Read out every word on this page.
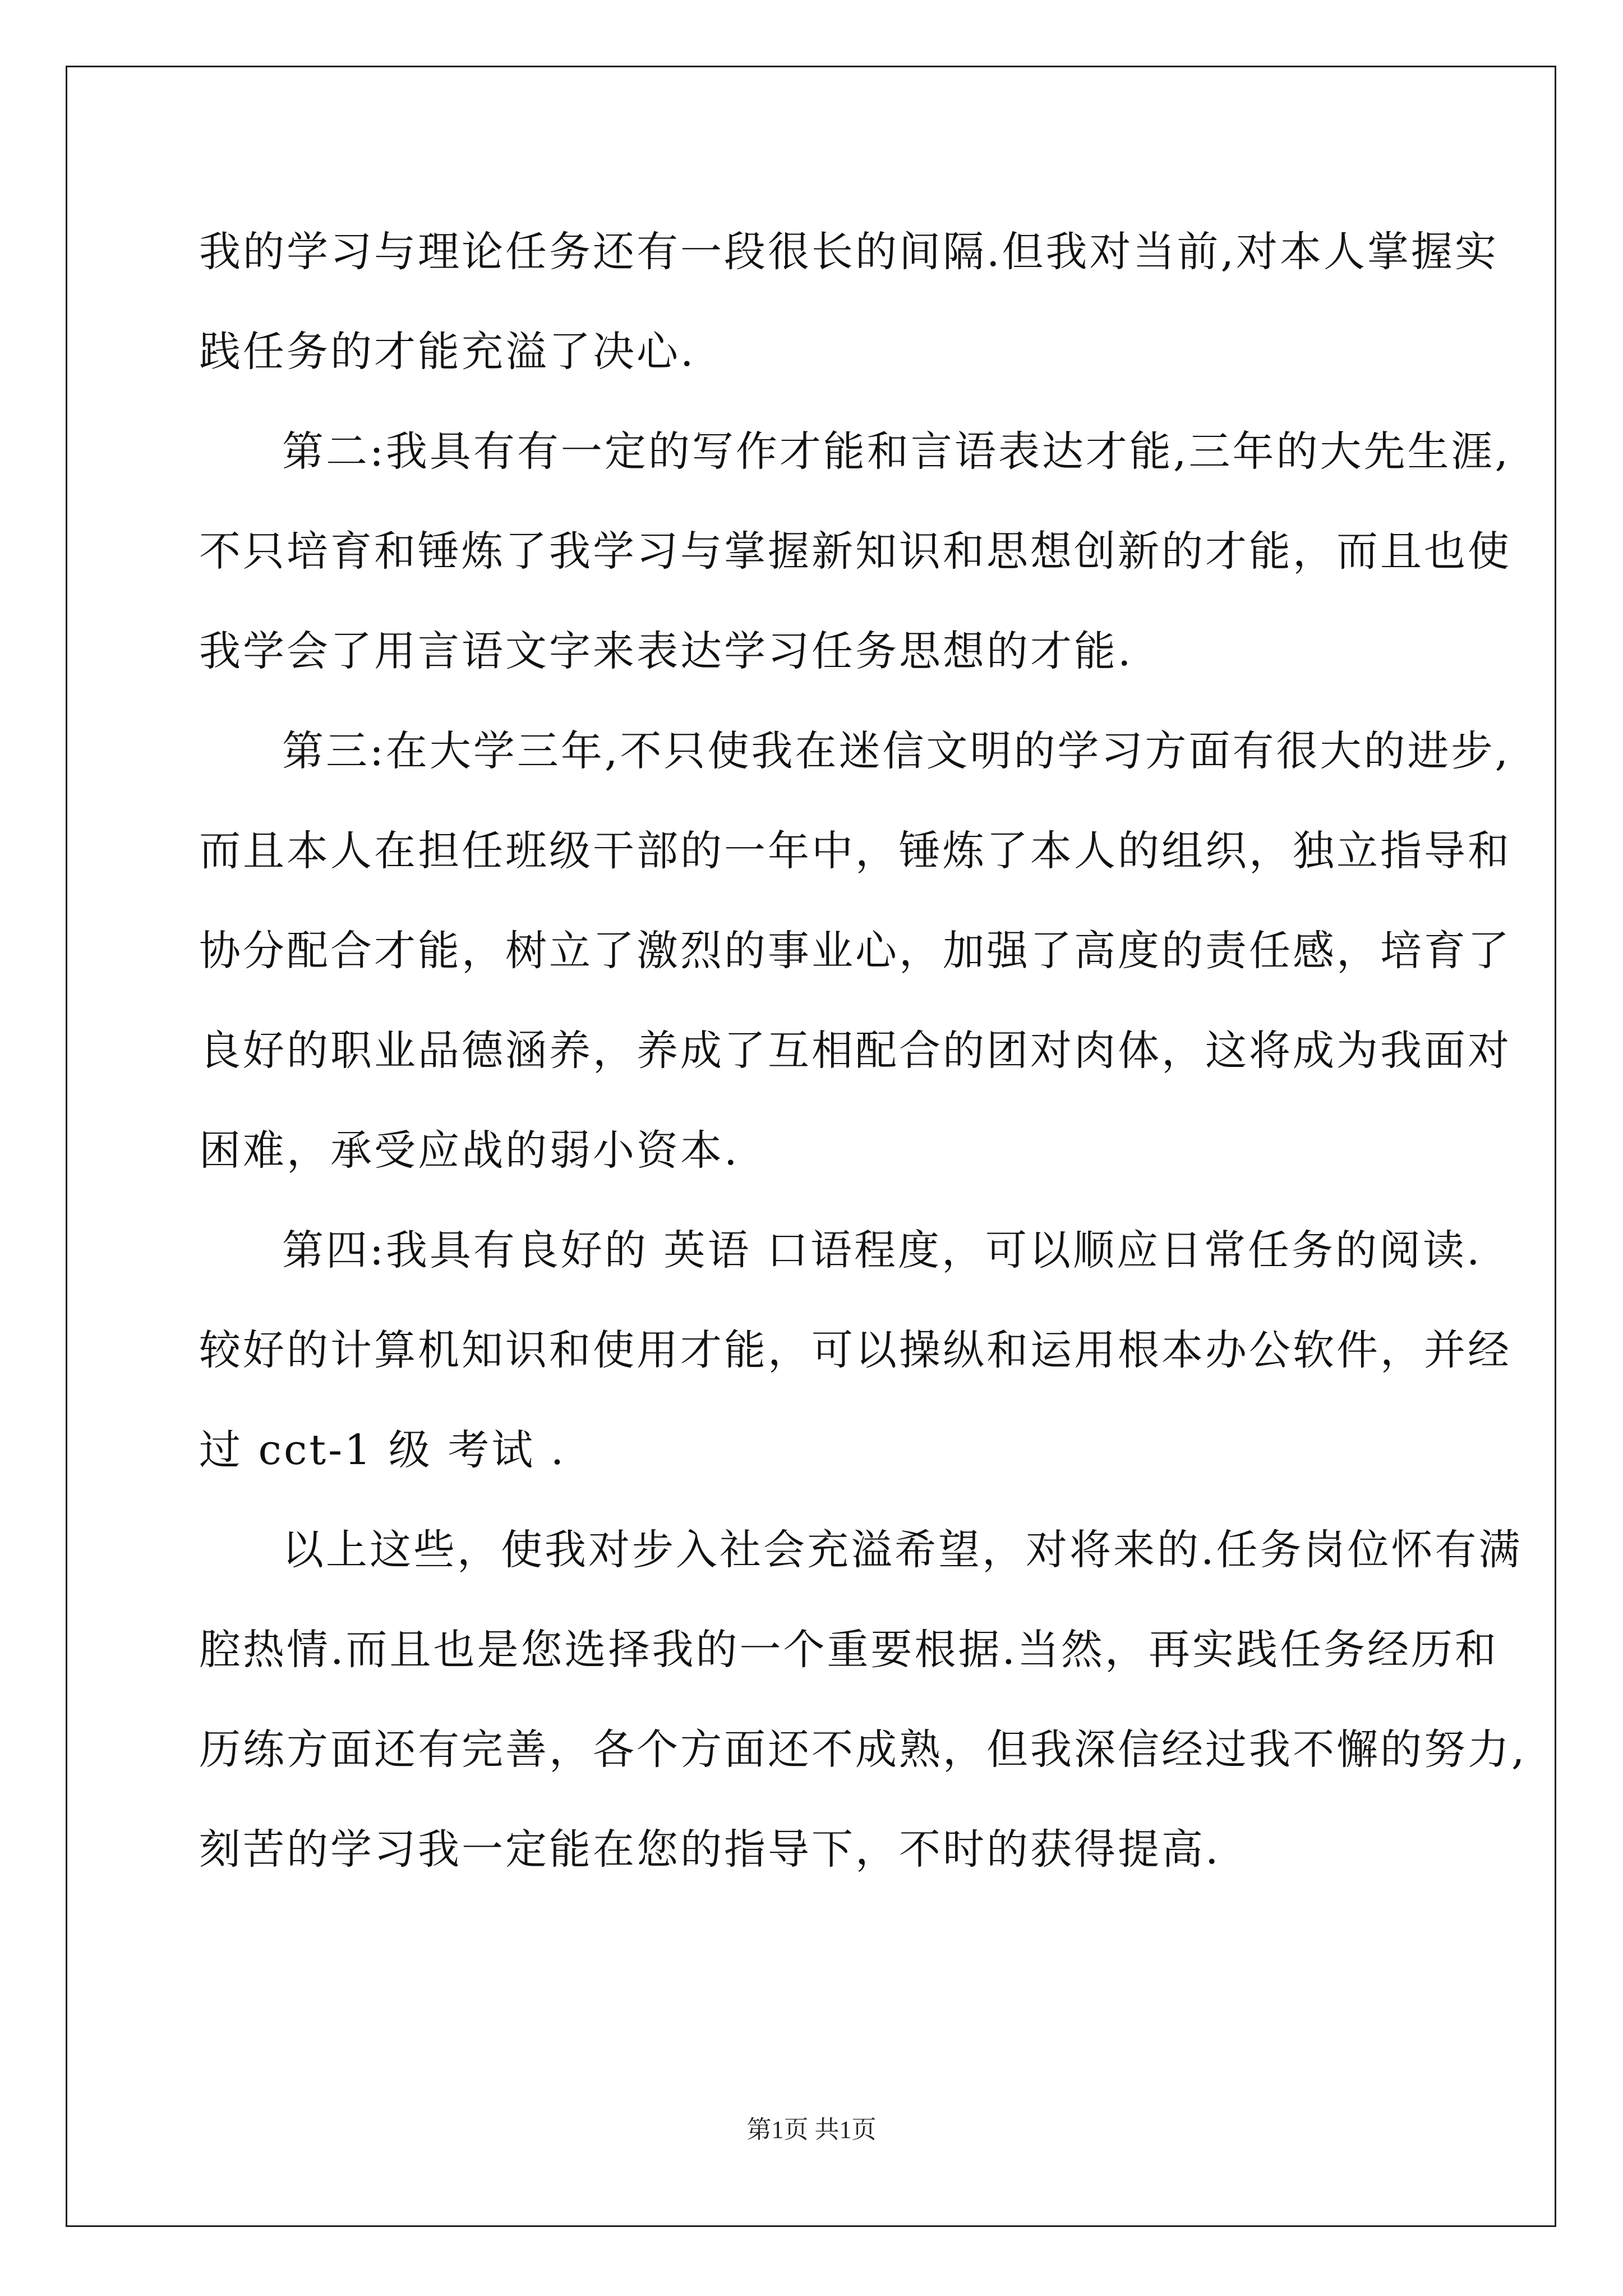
我的学习与理论任务还有一段很长的间隔.但我对当前,对本人掌握实
践任务的才能充溢了决心.
第二:我具有有一定的写作才能和言语表达才能,三年的大先生涯,
不只培育和锤炼了我学习与掌握新知识和思想创新的才能，而且也使
我学会了用言语文字来表达学习任务思想的才能.
第三:在大学三年,不只使我在迷信文明的学习方面有很大的进步,
而且本人在担任班级干部的一年中，锤炼了本人的组织，独立指导和
协分配合才能，树立了激烈的事业心，加强了高度的责任感，培育了
良好的职业品德涵养，养成了互相配合的团对肉体，这将成为我面对
困难，承受应战的弱小资本.
第四:我具有良好的 英语 口语程度，可以顺应日常任务的阅读.
较好的计算机知识和使用才能，可以操纵和运用根本办公软件，并经
过 cct-1 级 考试 .
以上这些，使我对步入社会充溢希望，对将来的.任务岗位怀有满
腔热情.而且也是您选择我的一个重要根据.当然，再实践任务经历和
历练方面还有完善，各个方面还不成熟，但我深信经过我不懈的努力,
刻苦的学习我一定能在您的指导下，不时的获得提高.
第1页 共1页
